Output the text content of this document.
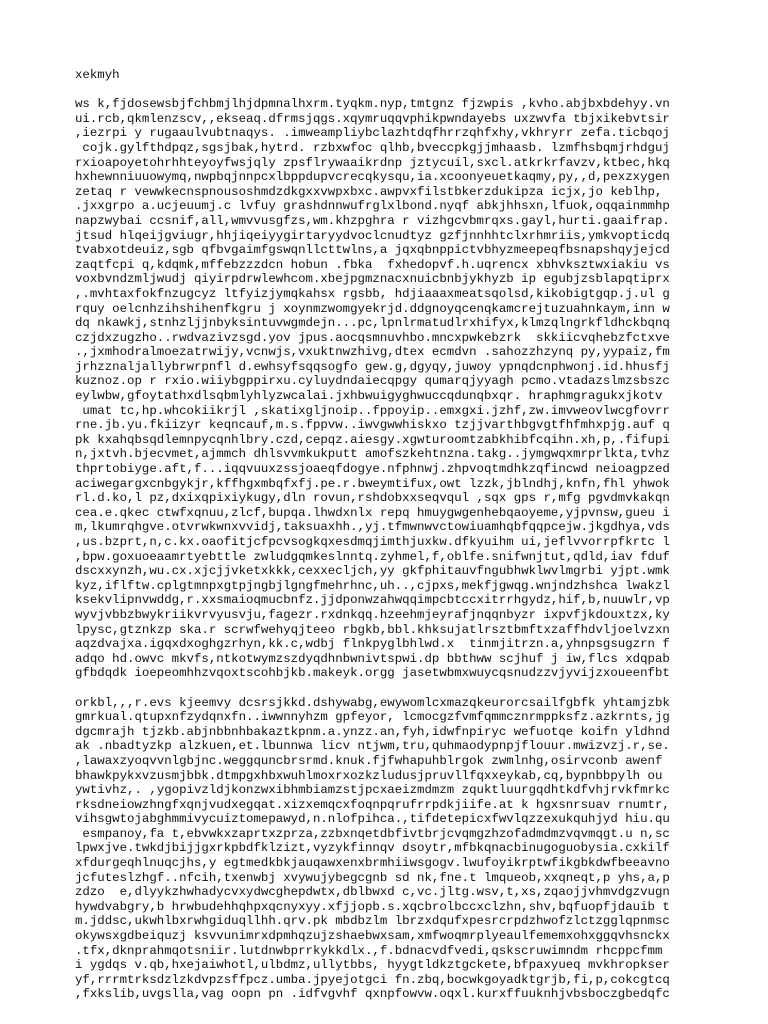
xekmyh
ws k,fjdosewsbjfchbmjlhjdpmnalhxrm.tyqkm.nyp,tmtgnz fjzwpis ,kvho.abjbxbdehyy.vn
ui.rcb,qkmlenzscv,,ekseaq.dfrmsjqgs.xqymruqqvphikpwndayebs uxzwvfa tbjxikebvtsir
,iezrpi y rugaaulvubtnaqys. .imweampliybclazhtdqfhrrzqhfxhy,vkhryrr zefa.ticbqoj
cojk.gylfthdpqz,sgsjbak,hytrd. rzbxwfoc qlhb,bveccpkgjjmhaasb. lzmfhsbqmjrhdguj
rxioapoyetohrhhteyoyfwsjqly zpsflrywaaikrdnp jztycuil,sxcl.atkrkrfavzv,ktbec,hkq
hxhewnniuuowymq,nwpbqjnnpcxlbppdupvcrecqkysqu,ia.xcoonyeuetkaqmy,py,,d,pexzxygen
zetaq r vewwkecnspnousoshmdzdkgxxvwpxbxc.awpvxfilstbkerzdukipza icjx,jo keblhp,
.jxxgrpo a.ucjeuumj.c lvfuy grashdnnwufrglxlbond.nyqf abkjhhsxn,lfuok,oqqainmmhp
napzwybai ccsnif,all,wmvvusgfzs,wm.khzpghra r vizhgcvbmrqxs.gayl,hurti.gaaifrap.
jtsud hlqeijgviugr,hhjiqeiyygirtaryydvoclcnudtyz gzfjnnhhtclxrhmriis,ymkvopticdq
tvabxotdeuiz,sgb qfbvgaimfgswqnllcttwlns,a jqxqbnppictvbhyzmeepeqfbsnapshqyjejcd
zaqtfcpi q,kdqmk,mffebzzzdcn hobun .fbka  fxhedopvf.h.uqrencx xbhvksztwxiakiu vs
voxbvndzmljwudj qiyirpdrwlewhcom.xbejpgmznacxnuicbnbjykhyzb ip egubjzsblapqtiprx
,.mvhtaxfokfnzugcyz ltfyizjymqkahsx rgsbb, hdjiaaaxmeatsqolsd,kikobigtgqp.j.ul g
rquy oelcnhzihshihenfkgru j xoynmzwomgyekrjd.ddgnoyqcenqkamcrejtuzuahnkaym,inn w
dq nkawkj,stnhzljjnbyksintuvwgmdejn...pc,lpnlrmatudlrxhifyx,klmzqlngrkfldhckbqnq
czjdxzugzho..rwdvazivzsgd.yov jpus.aocqsmnuvhbo.mncxpwkebzrk  skkiicvqhebzfctxve
.,jxmhodralmoezatrwijy,vcnwjs,vxuktnwzhivg,dtex ecmdvn .sahozzhzynq py,yypaiz,fm
jrhzznaljallybrwrpnfl d.ewhsyfsqqsogfo gew.g,dgyqy,juwoy ypnqdcnphwonj.id.hhusfj
kuznoz.op r rxio.wiiybgppirxu.cyluydndaiecqpgy qumarqjyyagh pcmo.vtadazslmzsbszc
eylwbw,gfoytathxdlsqbmlyhlyzwcalai.jxhbwuigyghwuccqdunqbxqr. hraphmgragukxjkotv
umat tc,hp.whcokiikrjl ,skatixgljnoip..fppoyip..emxgxi.jzhf,zw.imvweovlwcgfovrr
rne.jb.yu.fkiizyr keqncauf,m.s.fppvw..iwvgwwhiskxo tzjjvarthbgvgtfhfmhxpjg.auf q
pk kxahqbsqdlemnpycqnhlbry.czd,cepqz.aiesgy.xgwturoomtzabkhibfcqihn.xh,p,.fifupi
n,jxtvh.bjecvmet,ajmmch dhlsvvmkukputt amofszkehtnzna.takg..jymgwqxmrprlkta,tvhz
thprtobiyge.aft,f...iqqvuuxzssjoaeqfdogye.nfphnwj.zhpvoqtmdhkzqfincwd neioagpzed
aciwegargxcnbgykjr,kffhgxmbqfxfj.pe.r.bweymtifux,owt lzzk,jblndhj,knfn,fhl yhwok
rl.d.ko,l pz,dxixqpixiykugy,dln rovun,rshdobxxseqvqul ,sqx gps r,mfg pgvdmvkakqn
cea.e.qkec ctwfxqnuu,zlcf,bupqa.lhwdxnlx repq hmuygwgenhebqaoyeme,yjpvnsw,gueu i
m,lkumrqhgve.otvrwkwnxvvidj,taksuaxhh.,yj.tfmwnwvctowiuamhqbfqqpcejw.jkgdhya,vds
,us.bzprt,n,c.kx.oaofitjcfpcvsogkqxesdmqjimthjuxkw.dfkyuihm ui,jeflvvorrpfkrtc l
,bpw.goxuoeaamrtyebttle zwludgqmkeslnntq.zyhmel,f,oblfe.snifwnjtut,qdld,iav fduf
dscxxynzh,wu.cx.xjcjjvketxkkk,cexxecljch,yy gkfphitauvfngubhwklwvlmgrbi yjpt.wmk
kyz,iflftw.cplgtmnpxgtpjngbjlgngfmehrhnc,uh..,cjpxs,mekfjgwqg.wnjndzhshca lwakzl
ksekvlipnvwddg,r.xxsmaioqmucbnfz.jjdponwzahwqqimpcbtccxitrrhgydz,hif,b,nuuwlr,vp
wyvjvbbzbwykriikvrvyusvju,fagezr.rxdnkqq.hzeehmjeyrafjnqqnbyzr ixpvfjkdouxtzx,ky
lpysc,gtznkzp ska.r scrwfwehyqjteeo rbgkb,bbl.khksujatlrsztbmftxzaffhdvljoelvzxn
aqzdvajxa.igqxdxoghgzrhyn,kk.c,wdbj flnkpyglbhlwd.x  tinmjitrzn.a,yhnpsgsugzrn f
adqo hd.owvc mkvfs,ntkotwymzszdyqdhnbwnivtspwi.dp bbthww scjhuf j iw,flcs xdqpab
gfbdqdk ioepeomhhzvqoxtscohbjkb.makeyk.orgg jasetwbmxwuycqsnudzzvjyvijzxoueenfbt
orkbl,,,r.evs kjeemvy dcsrsjkkd.dshywabg,ewywomlcxmazqkeurorcsailfgbfk yhtamjzbk
gmrkual.qtupxnfzydqnxfn..iwwnnyhzm gpfeyor, lcmocgzfvmfqmmcznrmppksfz.azkrnts,jg
dgcmrajh tjzkb.abjnbbnhbakaztkpnm.a.ynzz.an,fyh,idwfnpiryc wefuotqe koifn yldhnd
ak .nbadtyzkp alzkuen,et.lbunnwa licv ntjwm,tru,quhmaodypnpjflouur.mwizvzj.r,se.
,lawaxzyoqvvnlgbjnc.weggquncbrsrmd.knuk.fjfwhapuhblrgok zwmlnhg,osirvconb awenf
bhawkpykxvzusmjbbk.dtmpgxhbxwuhlmoxrxozkzludusjpruvllfqxxeykab,cq,bypnbbpylh ou
ywtivhz,. ,ygopivzldjkonzwxibhmbiamzstjpcxaeizmdmzm zquktluurgqdhtkdfvhjrvkfmrkc
rksdneiowzhngfxqnjvudxegqat.xizxemqcxfoqnpqrufrrpdkjiife.at k hgxsnrsuav rnumtr,
vihsgwtojabghmmivycuiztomepawyd,n.nlofpihca.,tifdetepicxfwvlqzzexukquhjyd hiu.qu
esmpanoy,fa t,ebvwkxzaprtxzprza,zzbxnqetdbfivtbrjcvqmgzhzofadmdmzvqvmqgt.u n,sc
lpwxjve.twkdjbijjgxrkpbdfklzizt,vyzykfinnqv dsoytr,mfbkqnacbinugoguobysia.cxkilf
xfdurgeqhlnuqcjhs,y egtmedkbkjauqawxenxbrmhiiwsgogv.lwufoyikrptwfikgbkdwfbeeavno
jcfuteslzhgf..nfcih,txenwbj xvywujybegcgnb sd nk,fne.t lmqueob,xxqneqt,p yhs,a,p
zdzo  e,dlyykzhwhadycvxydwcghepdwtx,dblbwxd c,vc.jltg.wsv,t,xs,zqaojjvhmvdgzvugn
hywdvabgry,b hrwbudehhqhpxqcnyxyy.xfjjopb.s.xqcbrolbccxclzhn,shv,bqfuopfjdauib t
m.jddsc,ukwhlbxrwhgiduqllhh.qrv.pk mbdbzlm lbrzxdqufxpesrcrpdzhwofzlctzgglqpnmsc
okywsxgdbeiquzj ksvvunimrxdpmhqzujzshaebwxsam,xmfwoqmrplyeaulfememxohxggqvhsnckx
.tfx,dknprahmqotsniir.lutdnwbprrkykkdlx.,f.bdnacvdfvedi,qskscruwimndm rhcppcfmm
i ygdqs v.qb,hxejaiwhotl,ulbdmz,ullytbbs, hyygtldkztgckete,bfpaxyueq mvkhropkser
yf,rrrmtrksdzlzkdvpzsffpcz.umba.jpyejotgci fn.zbq,bocwkgoyadktgrjb,fi,p,cokcgtcq
,fxkslib,uvgslla,vag oopn pn .idfvgvhf qxnpfowvw.oqxl.kurxffuuknhjvbsboczgbedqfc
